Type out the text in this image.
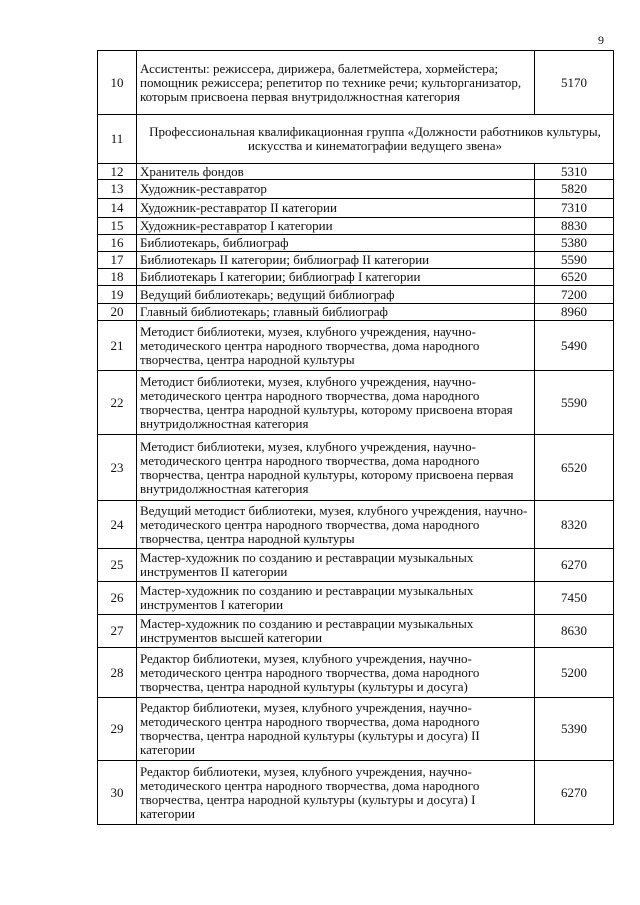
9
10	Ассистенты: режиссера, дирижера, балетмейстера, хормейстера; помощник режиссера; репетитор по технике речи; культорганизатор, которым присвоена первая внутридолжностная категория	5170
11	Профессиональная квалификационная группа «Должности работников культуры, искусства и кинематографии ведущего звена»	
12	Хранитель фондов	5310
13	Художник-реставратор	5820
14	Художник-реставратор II категории	7310
15	Художник-реставратор I категории	8830
16	Библиотекарь, библиограф	5380
17	Библиотекарь II категории; библиограф II категории	5590
18	Библиотекарь I категории; библиограф I категории	6520
19	Ведущий библиотекарь; ведущий библиограф	7200
20	Главный библиотекарь; главный библиограф	8960
21	Методист библиотеки, музея, клубного учреждения, научно-методического центра народного творчества, дома народного творчества, центра народной культуры	5490
22	Методист библиотеки, музея, клубного учреждения, научно-методического центра народного творчества, дома народного творчества, центра народной культуры, которому присвоена вторая внутридолжностная категория	5590
23	Методист библиотеки, музея, клубного учреждения, научно-методического центра народного творчества, дома народного творчества, центра народной культуры, которому присвоена первая внутридолжностная категория	6520
24	Ведущий методист библиотеки, музея, клубного учреждения, научно- методического центра народного творчества, дома народного творчества, центра народной культуры	8320
25	Мастер-художник по созданию и реставрации музыкальных инструментов II категории	6270
26	Мастер-художник по созданию и реставрации музыкальных инструментов I категории	7450
27	Мастер-художник по созданию и реставрации музыкальных инструментов высшей категории	8630
28	Редактор библиотеки, музея, клубного учреждения, научно-методического центра народного творчества, дома народного творчества, центра народной культуры (культуры и досуга)	5200
29	Редактор библиотеки, музея, клубного учреждения, научно-методического центра народного творчества, дома народного творчества, центра народной культуры (культуры и досуга) II категории	5390
30	Редактор библиотеки, музея, клубного учреждения, научно-методического центра народного творчества, дома народного творчества, центра народной культуры (культуры и досуга) I категории	6270
